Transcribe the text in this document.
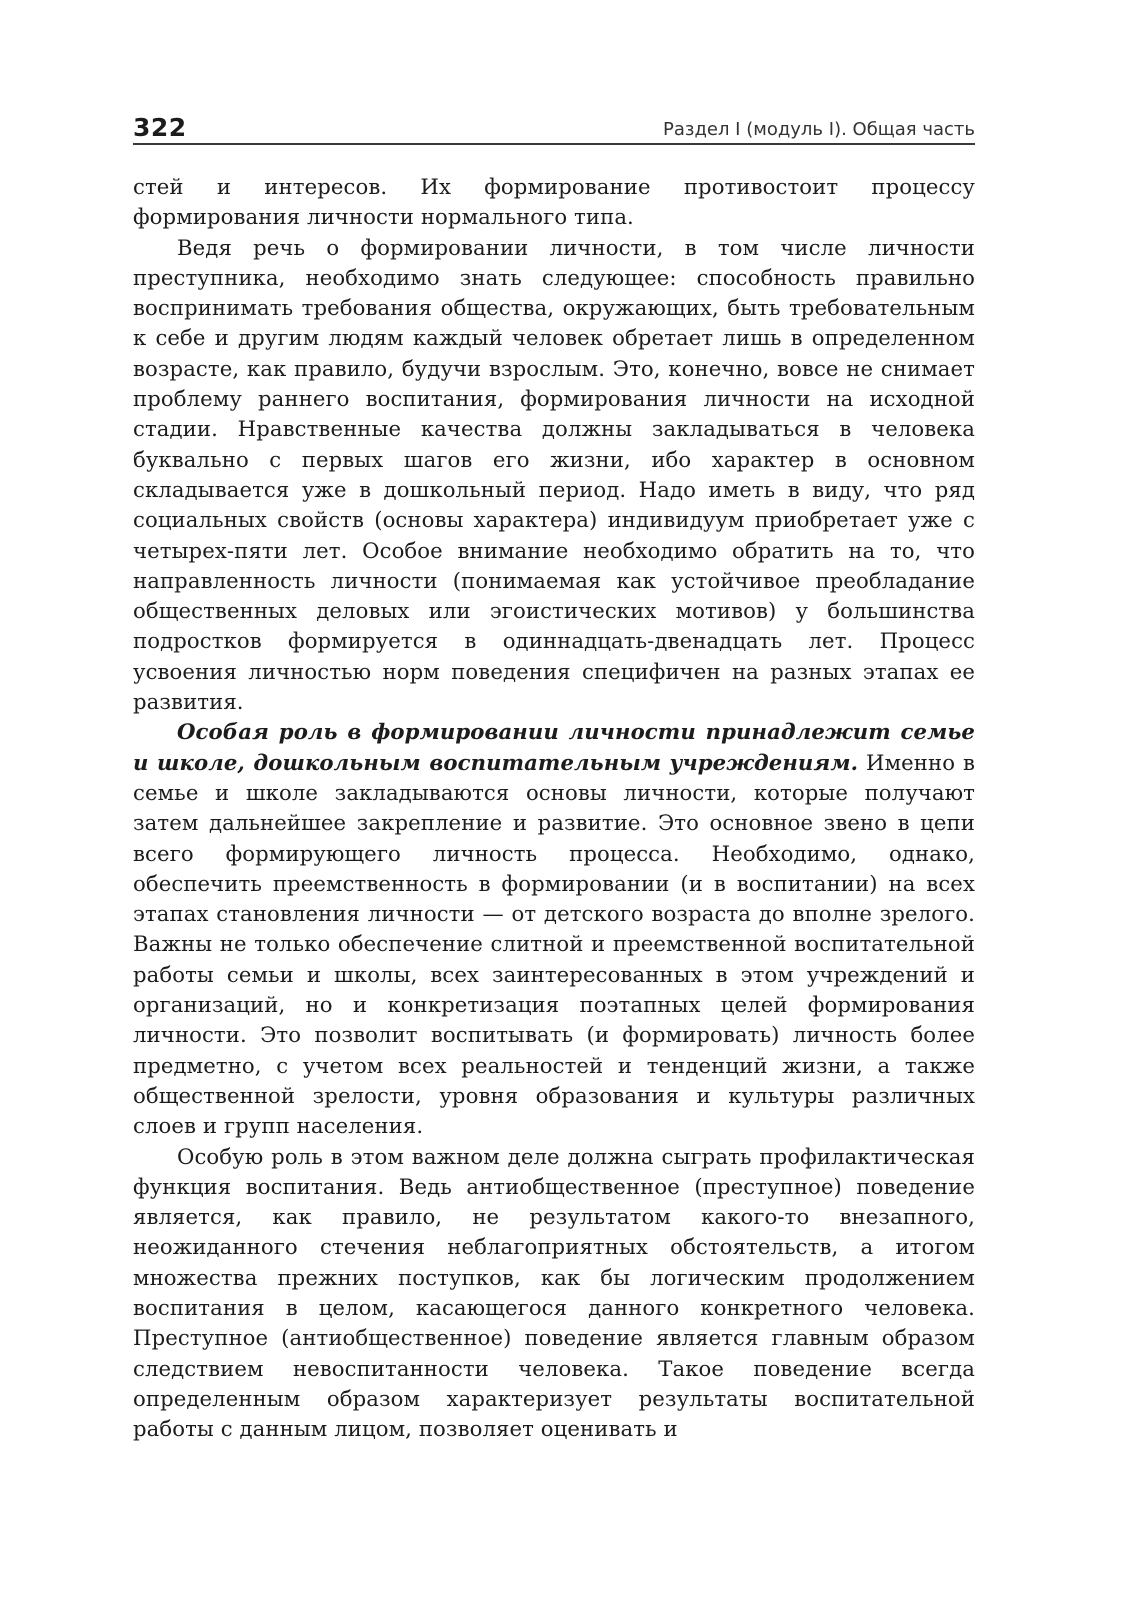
322	Раздел I (модуль I). Общая часть

стей и интересов. Их формирование противостоит процессу формирования личности нормального типа.

Ведя речь о формировании личности, в том числе личности преступника, необходимо знать следующее: способность правильно воспринимать требования общества, окружающих, быть требовательным к себе и другим людям каждый человек обретает лишь в определенном возрасте, как правило, будучи взрослым. Это, конечно, вовсе не снимает проблему раннего воспитания, формирования личности на исходной стадии. Нравственные качества должны закладываться в человека буквально с первых шагов его жизни, ибо характер в основном складывается уже в дошкольный период. Надо иметь в виду, что ряд социальных свойств (основы характера) индивидуум приобретает уже с четырех-пяти лет. Особое внимание необходимо обратить на то, что направленность личности (понимаемая как устойчивое преобладание общественных деловых или эгоистических мотивов) у большинства подростков формируется в одиннадцать-двенадцать лет. Процесс усвоения личностью норм поведения специфичен на разных этапах ее развития.

Особая роль в формировании личности принадлежит семье и школе, дошкольным воспитательным учреждениям. Именно в семье и школе закладываются основы личности, которые получают затем дальнейшее закрепление и развитие. Это основное звено в цепи всего формирующего личность процесса. Необходимо, однако, обеспечить преемственность в формировании (и в воспитании) на всех этапах становления личности — от детского возраста до вполне зрелого. Важны не только обеспечение слитной и преемственной воспитательной работы семьи и школы, всех заинтересованных в этом учреждений и организаций, но и конкретизация поэтапных целей формирования личности. Это позволит воспитывать (и формировать) личность более предметно, с учетом всех реальностей и тенденций жизни, а также общественной зрелости, уровня образования и культуры различных слоев и групп населения.

Особую роль в этом важном деле должна сыграть профилактическая функция воспитания. Ведь антиобщественное (преступное) поведение является, как правило, не результатом какого-то внезапного, неожиданного стечения неблагоприятных обстоятельств, а итогом множества прежних поступков, как бы логическим продолжением воспитания в целом, касающегося данного конкретного человека. Преступное (антиобщественное) поведение является главным образом следствием невоспитанности человека. Такое поведение всегда определенным образом характеризует результаты воспитательной работы с данным лицом, позволяет оценивать и
